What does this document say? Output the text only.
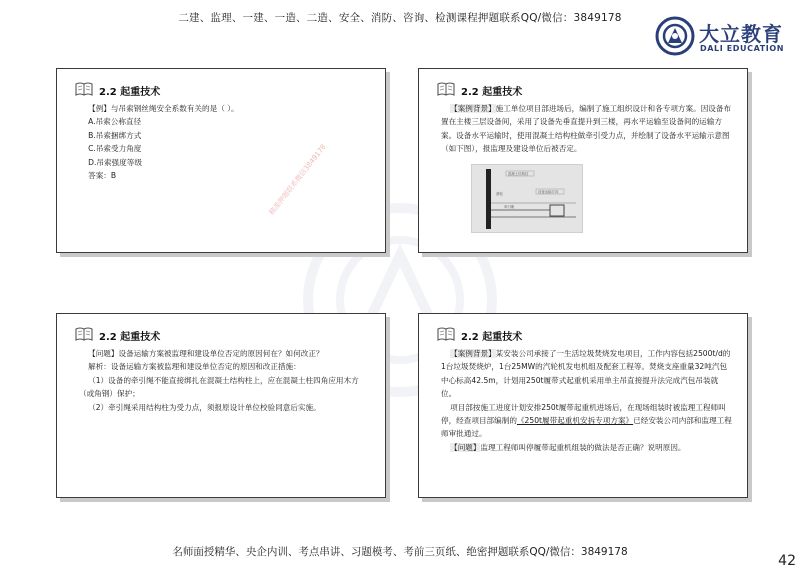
二建、监理、一建、一造、二造、安全、消防、咨询、检测课程押题联系QQ/微信：3849178
大立教育
DALI EDUCATION
2.2 起重技术

【例】与吊索钢丝绳安全系数有关的是（ ）。

A.吊索公称直径

B.吊索捆绑方式

C.吊索受力角度

D.吊索强度等级

答案：B	精准押题联系微信3849178
2.2 起重技术

【案例背景】施工单位项目部进场后，编制了施工组织设计和各专项方案。因设备布置在主楼三层设备间，采用了设备先垂直提升到三楼，再水平运输至设备间的运输方案。设备水平运输时，使用混凝土结构柱做牵引受力点，并绘制了设备水平运输示意图（如下图），报监理及建设单位后被否定。

混凝土结构柱
滑轮
牵引绳
设备运输方向
2.2 起重技术

【问题】设备运输方案被监理和建设单位否定的原因何在？如何改正？

解析：设备运输方案被监理和建设单位否定的原因和改正措施：

（1）设备的牵引绳不能直接绑扎在混凝土结构柱上，应在混凝土柱四角应用木方（或角钢）保护；

（2）牵引绳采用结构柱为受力点，须报原设计单位校验同意后实施。

2.2 起重技术

【案例背景】某安装公司承接了一生活垃圾焚烧发电项目，工作内容包括2500t/d的1台垃圾焚烧炉，1台25MW的汽轮机发电机组及配套工程等。焚烧支座重量32吨汽包中心标高42.5m，计划用250t履带式起重机采用单主吊直接提升法完成汽包吊装就位。

项目部按施工进度计划安排250t履带起重机进场后，在现场组装时被监理工程师叫停，经查项目部编制的《250t履带起重机安拆专项方案》已经安装公司内部和监理工程师审批通过。

【问题】监理工程师叫停履带起重机组装的做法是否正确？说明原因。

名师面授精华、央企内训、考点串讲、习题模考、考前三页纸、绝密押题联系QQ/微信：3849178
42
